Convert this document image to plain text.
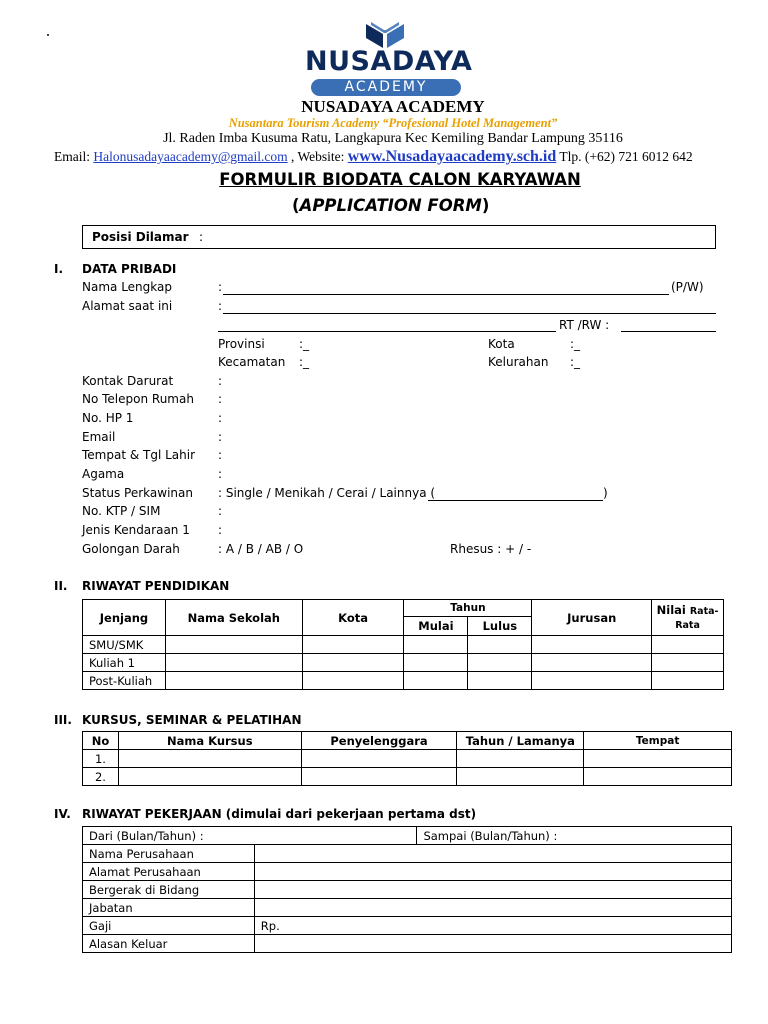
NUSADAYA
ACADEMY
NUSADAYA ACADEMY
Nusantara Tourism Academy “Profesional Hotel Management”
Jl. Raden Imba Kusuma Ratu, Langkapura Kec Kemiling Bandar Lampung 35116
Email: Halonusadayaacademy@gmail.com , Website: www.Nusadayaacademy.sch.id Tlp. (+62) 721 6012 642
FORMULIR BIODATA CALON KARYAWAN
(APPLICATION FORM)
Posisi Dilamar :
I. DATA PRIBADI
Nama Lengkap	:	(P/W)
Alamat saat ini	:
RT /RW :
Provinsi	:_	Kota	:_
Kecamatan :_	Kelurahan :_
Kontak Darurat	:
No Telepon Rumah :
No. HP 1	:
Email	:
Tempat & Tgl Lahir :
Agama	:
Status Perkawinan : Single / Menikah / Cerai / Lainnya (	)
No. KTP / SIM	:
Jenis Kendaraan 1 :
Golongan Darah	: A / B / AB / O	Rhesus : + / -
II. RIWAYAT PENDIDIKAN
Jenjang	Nama Sekolah	Kota	Tahun		Jurusan	Nilai Rata-Rata
			Mulai	Lulus		
SMU/SMK						
Kuliah 1						
Post-Kuliah						
III. KURSUS, SEMINAR & PELATIHAN
No	Nama Kursus	Penyelenggara	Tahun / Lamanya	Tempat
1.				
2.				
IV. RIWAYAT PEKERJAAN (dimulai dari pekerjaan pertama dst)
Dari (Bulan/Tahun) :		Sampai (Bulan/Tahun) :
Nama Perusahaan		
Alamat Perusahaan		
Bergerak di Bidang		
Jabatan		
Gaji	Rp.	
Alasan Keluar		
